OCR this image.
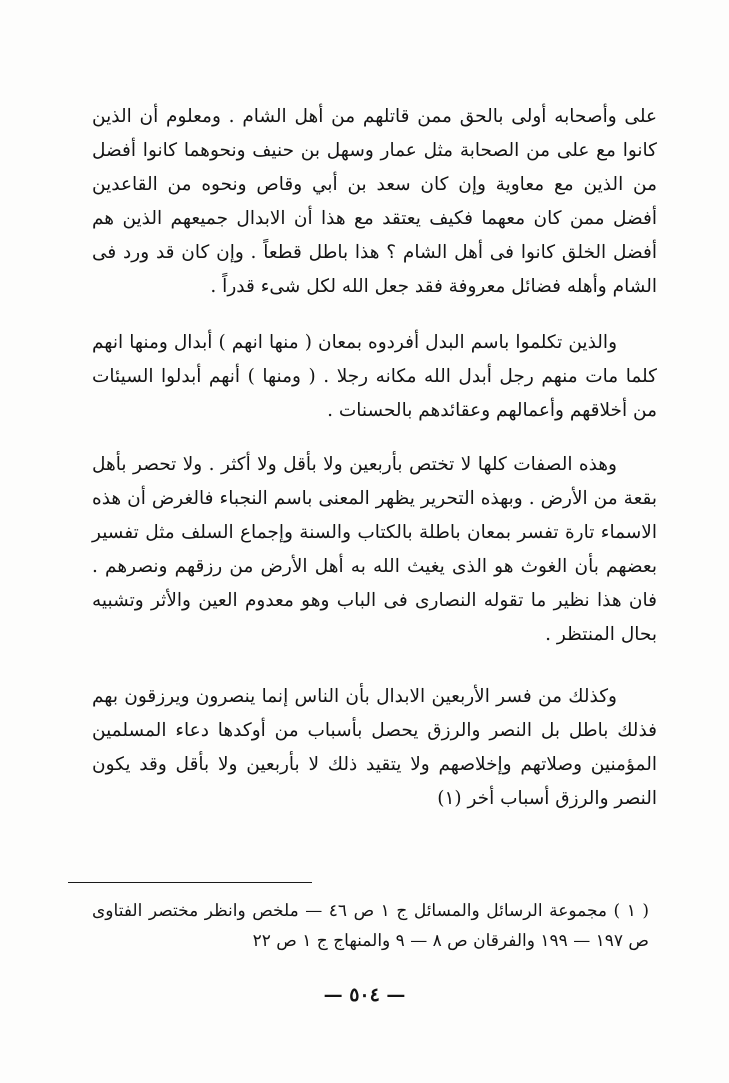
على وأصحابه أولى بالحق ممن قاتلهم من أهل الشام . ومعلوم أن الذين كانوا مع على من الصحابة مثل عمار وسهل بن حنيف ونحوهما كانوا أفضل من الذين مع معاوية وإن كان سعد بن أبي وقاص ونحوه من القاعدين أفضل ممن كان معهما فكيف يعتقد مع هذا أن الابدال جميعهم الذين هم أفضل الخلق كانوا فى أهل الشام ؟ هذا باطل قطعاً . وإن كان قد ورد فى الشام وأهله فضائل معروفة فقد جعل الله لكل شىء قدراً .

والذين تكلموا باسم البدل أفردوه بمعان ( منها انهم ) أبدال ومنها انهم كلما مات منهم رجل أبدل الله مكانه رجلا . ( ومنها ) أنهم أبدلوا السيئات من أخلاقهم وأعمالهم وعقائدهم بالحسنات .

وهذه الصفات كلها لا تختص بأربعين ولا بأقل ولا أكثر . ولا تحصر بأهل بقعة من الأرض . وبهذه التحرير يظهر المعنى باسم النجباء فالغرض أن هذه الاسماء تارة تفسر بمعان باطلة بالكتاب والسنة وإجماع السلف مثل تفسير بعضهم بأن الغوث هو الذى يغيث الله به أهل الأرض من رزقهم ونصرهم . فان هذا نظير ما تقوله النصارى فى الباب وهو معدوم العين والأثر وتشبيه بحال المنتظر .

وكذلك من فسر الأربعين الابدال بأن الناس إنما ينصرون ويرزقون بهم فذلك باطل بل النصر والرزق يحصل بأسباب من أوكدها دعاء المسلمين المؤمنين وصلاتهم وإخلاصهم ولا يتقيد ذلك لا بأربعين ولا بأقل وقد يكون النصر والرزق أسباب أخر (١)

( ١ ) مجموعة الرسائل والمسائل ج ١ ص ٤٦ — ملخص وانظر مختصر الفتاوى ص ١٩٧ — ١٩٩ والفرقان ص ٨ — ٩ والمنهاج ج ١ ص ٢٢

— ٥٠٤ —
